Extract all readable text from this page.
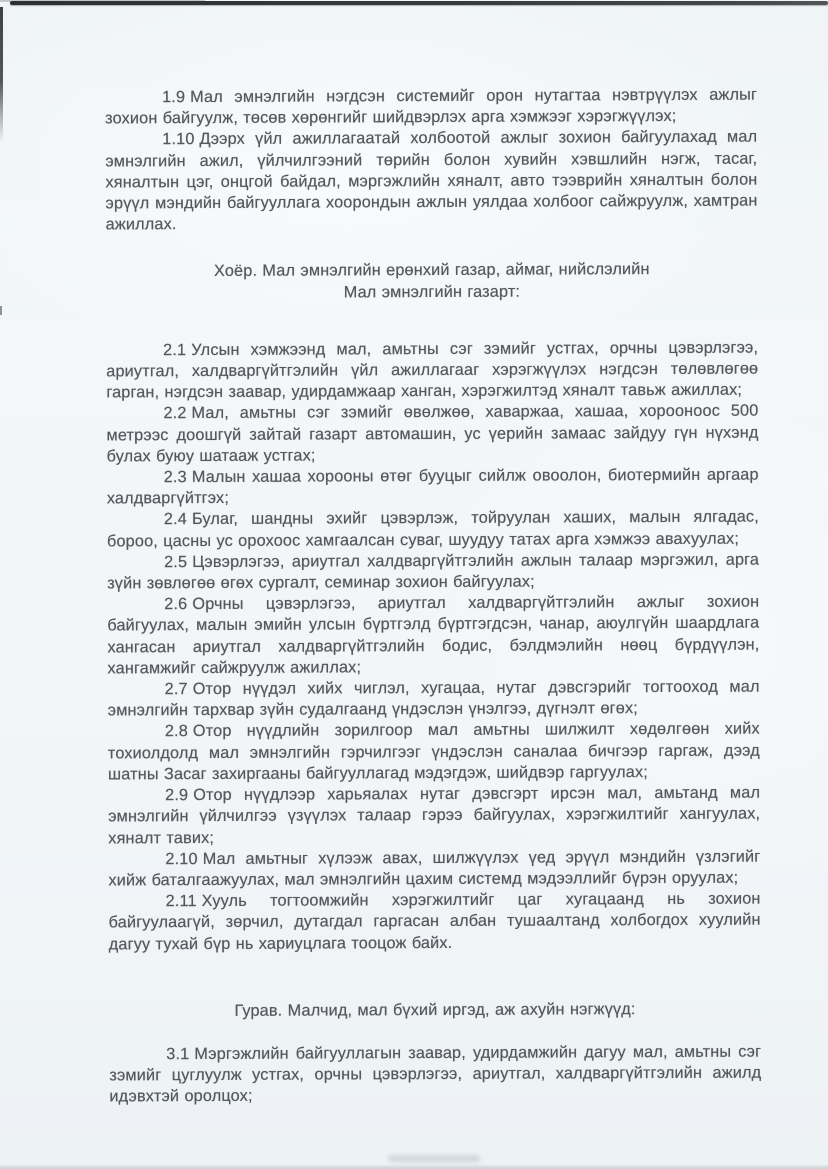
1.9 Мал эмнэлгийн нэгдсэн системийг орон нутагтаа нэвтрүүлэх ажлыг зохион байгуулж, төсөв хөрөнгийг шийдвэрлэх арга хэмжээг хэрэгжүүлэх;

1.10 Дээрх үйл ажиллагаатай холбоотой ажлыг зохион байгуулахад мал эмнэлгийн ажил, үйлчилгээний төрийн болон хувийн хэвшлийн нэгж, тасаг, хяналтын цэг, онцгой байдал, мэргэжлийн хяналт, авто тээврийн хяналтын болон эрүүл мэндийн байгууллага хоорондын ажлын уялдаа холбоог сайжруулж, хамтран ажиллах.

Хоёр. Мал эмнэлгийн ерөнхий газар, аймаг, нийслэлийн
Мал эмнэлгийн газарт:

2.1 Улсын хэмжээнд мал, амьтны сэг зэмийг устгах, орчны цэвэрлэгээ, ариутгал, халдваргүйтгэлийн үйл ажиллагааг хэрэгжүүлэх нэгдсэн төлөвлөгөө гарган, нэгдсэн заавар, удирдамжаар ханган, хэрэгжилтэд хяналт тавьж ажиллах;

2.2 Мал, амьтны сэг зэмийг өвөлжөө, хаваржаа, хашаа, хорооноос 500 метрээс доошгүй зайтай газарт автомашин, ус үерийн замаас зайдуу гүн нүхэнд булах буюу шатааж устгах;

2.3 Малын хашаа хорооны өтөг бууцыг сийлж овоолон, биотермийн аргаар халдваргүйтгэх;

2.4 Булаг, шандны эхийг цэвэрлэж, тойруулан хаших, малын ялгадас, бороо, цасны ус орохоос хамгаалсан суваг, шуудуу татах арга хэмжээ авахуулах;

2.5 Цэвэрлэгээ, ариутгал халдваргүйтгэлийн ажлын талаар мэргэжил, арга зүйн зөвлөгөө өгөх сургалт, семинар зохион байгуулах;

2.6 Орчны цэвэрлэгээ, ариутгал халдваргүйтгэлийн ажлыг зохион байгуулах, малын эмийн улсын бүртгэлд бүртгэгдсэн, чанар, аюулгүйн шаардлага хангасан ариутгал халдваргүйтгэлийн бодис, бэлдмэлийн нөөц бүрдүүлэн, хангамжийг сайжруулж ажиллах;

2.7 Отор нүүдэл хийх чиглэл, хугацаа, нутаг дэвсгэрийг тогтооход мал эмнэлгийн тархвар зүйн судалгаанд үндэслэн үнэлгээ, дүгнэлт өгөх;

2.8 Отор нүүдлийн зорилгоор мал амьтны шилжилт хөдөлгөөн хийх тохиолдолд мал эмнэлгийн гэрчилгээг үндэслэн саналаа бичгээр гаргаж, дээд шатны Засаг захиргааны байгууллагад мэдэгдэж, шийдвэр гаргуулах;

2.9 Отор нүүдлээр харьяалах нутаг дэвсгэрт ирсэн мал, амьтанд мал эмнэлгийн үйлчилгээ үзүүлэх талаар гэрээ байгуулах, хэрэгжилтийг хангуулах, хяналт тавих;

2.10 Мал амьтныг хүлээж авах, шилжүүлэх үед эрүүл мэндийн үзлэгийг хийж баталгаажуулах, мал эмнэлгийн цахим системд мэдээллийг бүрэн оруулах;

2.11 Хууль тогтоомжийн хэрэгжилтийг цаг хугацаанд нь зохион байгуулаагүй, зөрчил, дутагдал гаргасан албан тушаалтанд холбогдох хуулийн дагуу тухай бүр нь хариуцлага тооцож байх.

Гурав. Малчид, мал бүхий иргэд, аж ахуйн нэгжүүд:

3.1 Мэргэжлийн байгууллагын заавар, удирдамжийн дагуу мал, амьтны сэг зэмийг цуглуулж устгах, орчны цэвэрлэгээ, ариутгал, халдваргүйтгэлийн ажилд идэвхтэй оролцох;
